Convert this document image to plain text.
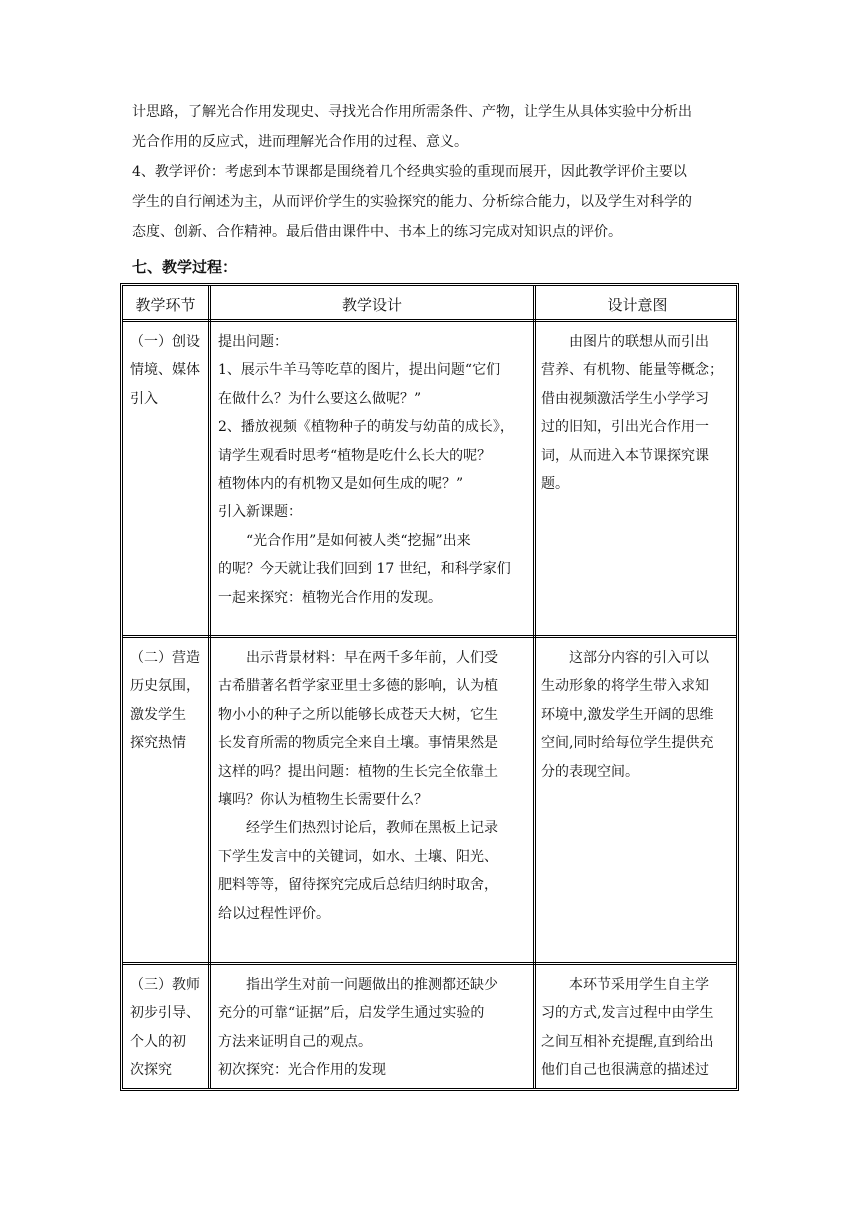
计思路，了解光合作用发现史、寻找光合作用所需条件、产物，让学生从具体实验中分析出
光合作用的反应式，进而理解光合作用的过程、意义。
4、教学评价：考虑到本节课都是围绕着几个经典实验的重现而展开，因此教学评价主要以
学生的自行阐述为主，从而评价学生的实验探究的能力、分析综合能力，以及学生对科学的
态度、创新、合作精神。最后借由课件中、书本上的练习完成对知识点的评价。
七、教学过程：
教学环节	教学设计	设计意图
（一）创设
情境、媒体
引入
提出问题：
1、展示牛羊马等吃草的图片，提出问题“它们
在做什么？为什么要这么做呢？”
2、播放视频《植物种子的萌发与幼苗的成长》，
请学生观看时思考“植物是吃什么长大的呢？
植物体内的有机物又是如何生成的呢？”
引入新课题：
“光合作用”是如何被人类“挖掘”出来
的呢？今天就让我们回到 17 世纪，和科学家们
一起来探究：植物光合作用的发现。
由图片的联想从而引出
营养、有机物、能量等概念；
借由视频激活学生小学学习
过的旧知，引出光合作用一
词，从而进入本节课探究课
题。
（二）营造
历史氛围，
激发学生
探究热情
出示背景材料：早在两千多年前，人们受
古希腊著名哲学家亚里士多德的影响，认为植
物小小的种子之所以能够长成苍天大树，它生
长发育所需的物质完全来自土壤。事情果然是
这样的吗？提出问题：植物的生长完全依靠土
壤吗？你认为植物生长需要什么？
经学生们热烈讨论后，教师在黑板上记录
下学生发言中的关键词，如水、土壤、阳光、
肥料等等，留待探究完成后总结归纳时取舍，
给以过程性评价。
这部分内容的引入可以
生动形象的将学生带入求知
环境中,激发学生开阔的思维
空间,同时给每位学生提供充
分的表现空间。
（三）教师
初步引导、
个人的初
次探究
指出学生对前一问题做出的推测都还缺少
充分的可靠“证据”后，启发学生通过实验的
方法来证明自己的观点。
初次探究：光合作用的发现
本环节采用学生自主学
习的方式,发言过程中由学生
之间互相补充提醒,直到给出
他们自己也很满意的描述过
